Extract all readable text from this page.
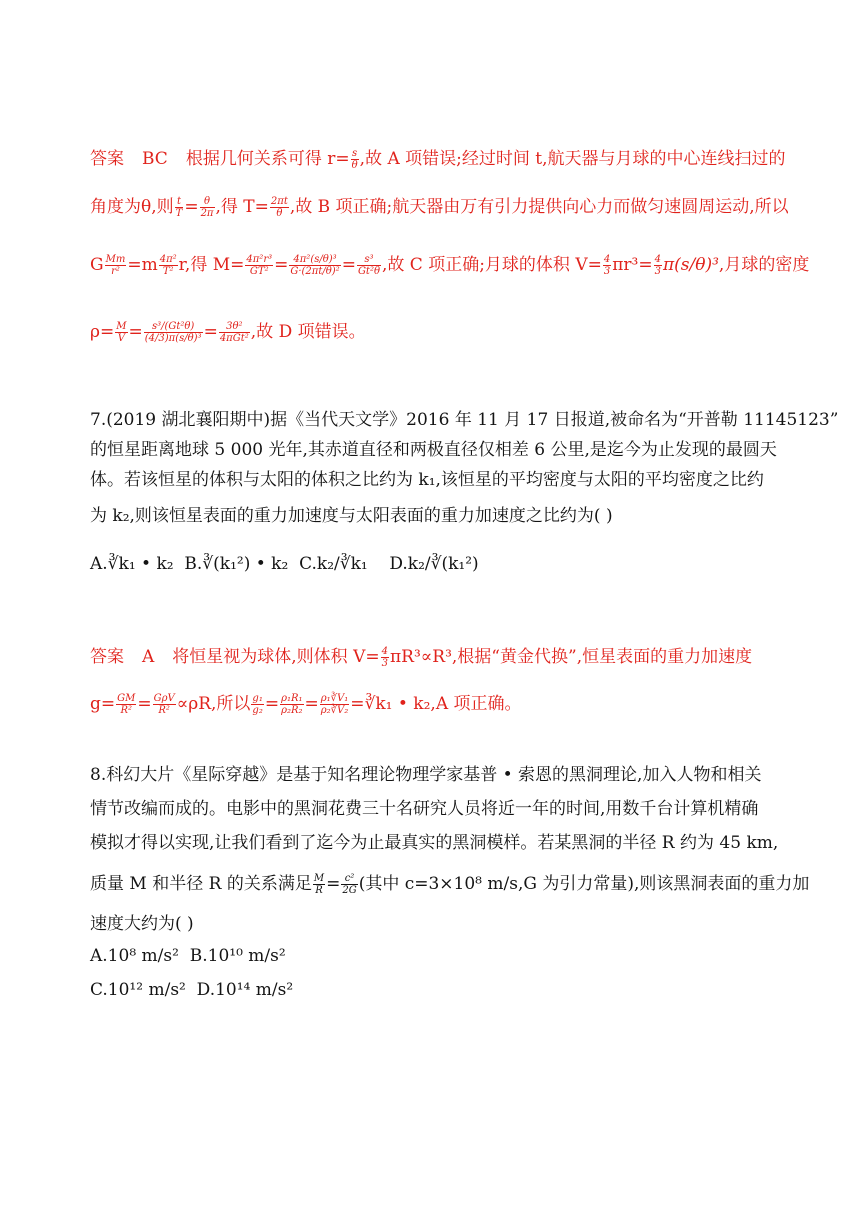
答案 BC 根据几何关系可得 $r= \frac{s}{\theta}$ ,故 A 项错误;经过时间 t,航天器与月球的中心连线扫过的
角度为θ,则 $\frac{t}{T} = \frac{\theta}{2\pi}$ ,得 $T= \frac{2\pi t}{\theta}$ ,故 B 项正确;航天器由万有引力提供向心力而做匀速圆周运动,所以
G $\frac{Mm}{\text{r²}} =m \frac{\text{4π²}}{\text{T²}} r$,得 $M= \frac{\text{4π²r³}}{\text{GT²}} = \frac{\text{4π²(s/θ)³}}{\text{G·(2πt/θ)²}} = \frac{\text{s³}}{\text{Gt²θ}}$ ,故 C 项正确;月球的体积 $V= \frac{4}{3} \pi r^3= \frac{4}{3} \pi(s/\theta)^3$,月球的密度
$\rho= \frac{M}{V} = \frac{\text{s³/(Gt²θ)}}{\text{(4/3)π(s/θ)³}} = \frac{\text{3θ²}}{\text{4πGt²}}$ ,故 D 项错误。
7.(2019 湖北襄阳期中)据《当代天文学》2016 年 11 月 17 日报道,被命名为“开普勒 11145123”
的恒星距离地球 5 000 光年,其赤道直径和两极直径仅相差 6 公里,是迄今为止发现的最圆天
体。若该恒星的体积与太阳的体积之比约为 k₁,该恒星的平均密度与太阳的平均密度之比约
为 k₂,则该恒星表面的重力加速度与太阳表面的重力加速度之比约为( )
A.∛k₁ • k₂ B.∛(k₁²) • k₂ C.k₂/∛k₁ D.k₂/∛(k₁²)
答案 A 将恒星视为球体,则体积 $V= \frac{4}{3} \pi R^3\propto R^3$,根据“黄金代换”,恒星表面的重力加速度
$g= \frac{GM}{\text{R²}} = \frac{\text{GρV}}{\text{R²}} \propto\rho R$,所以 $\frac{\text{g₁}}{\text{g₂}} = \frac{\text{ρ₁R₁}}{\text{ρ₂R₂}} = \frac{\text{ρ₁∛V₁}}{\text{ρ₂∛V₂}}$ =∛k₁ • k₂,A 项正确。
8.科幻大片《星际穿越》是基于知名理论物理学家基普 • 索恩的黑洞理论,加入人物和相关
情节改编而成的。电影中的黑洞花费三十名研究人员将近一年的时间,用数千台计算机精确
模拟才得以实现,让我们看到了迄今为止最真实的黑洞模样。若某黑洞的半径 R 约为 45 km,
质量 M 和半径 R 的关系满足 $\frac{M}{R} = \frac{\text{c²}}{2G}$ (其中 c=3×10⁸ m/s,G 为引力常量),则该黑洞表面的重力加
速度大约为( )
A.10⁸ m/s² B.10¹⁰ m/s²
C.10¹² m/s² D.10¹⁴ m/s²
